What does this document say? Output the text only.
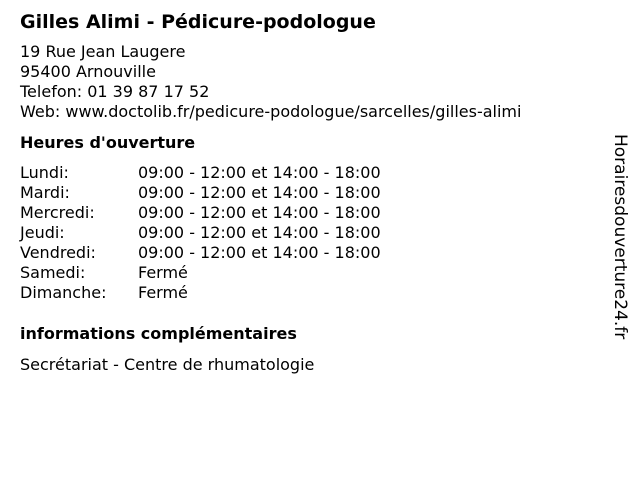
Gilles Alimi - Pédicure-podologue
19 Rue Jean Laugere
95400 Arnouville
Telefon: 01 39 87 17 52
Web: www.doctolib.fr/pedicure-podologue/sarcelles/gilles-alimi
Heures d'ouverture
Lundi:	09:00 - 12:00 et 14:00 - 18:00
Mardi:	09:00 - 12:00 et 14:00 - 18:00
Mercredi:	09:00 - 12:00 et 14:00 - 18:00
Jeudi:	09:00 - 12:00 et 14:00 - 18:00
Vendredi:	09:00 - 12:00 et 14:00 - 18:00
Samedi:	Fermé
Dimanche:	Fermé
informations complémentaires
Secrétariat - Centre de rhumatologie
Horairesdouverture24.fr
